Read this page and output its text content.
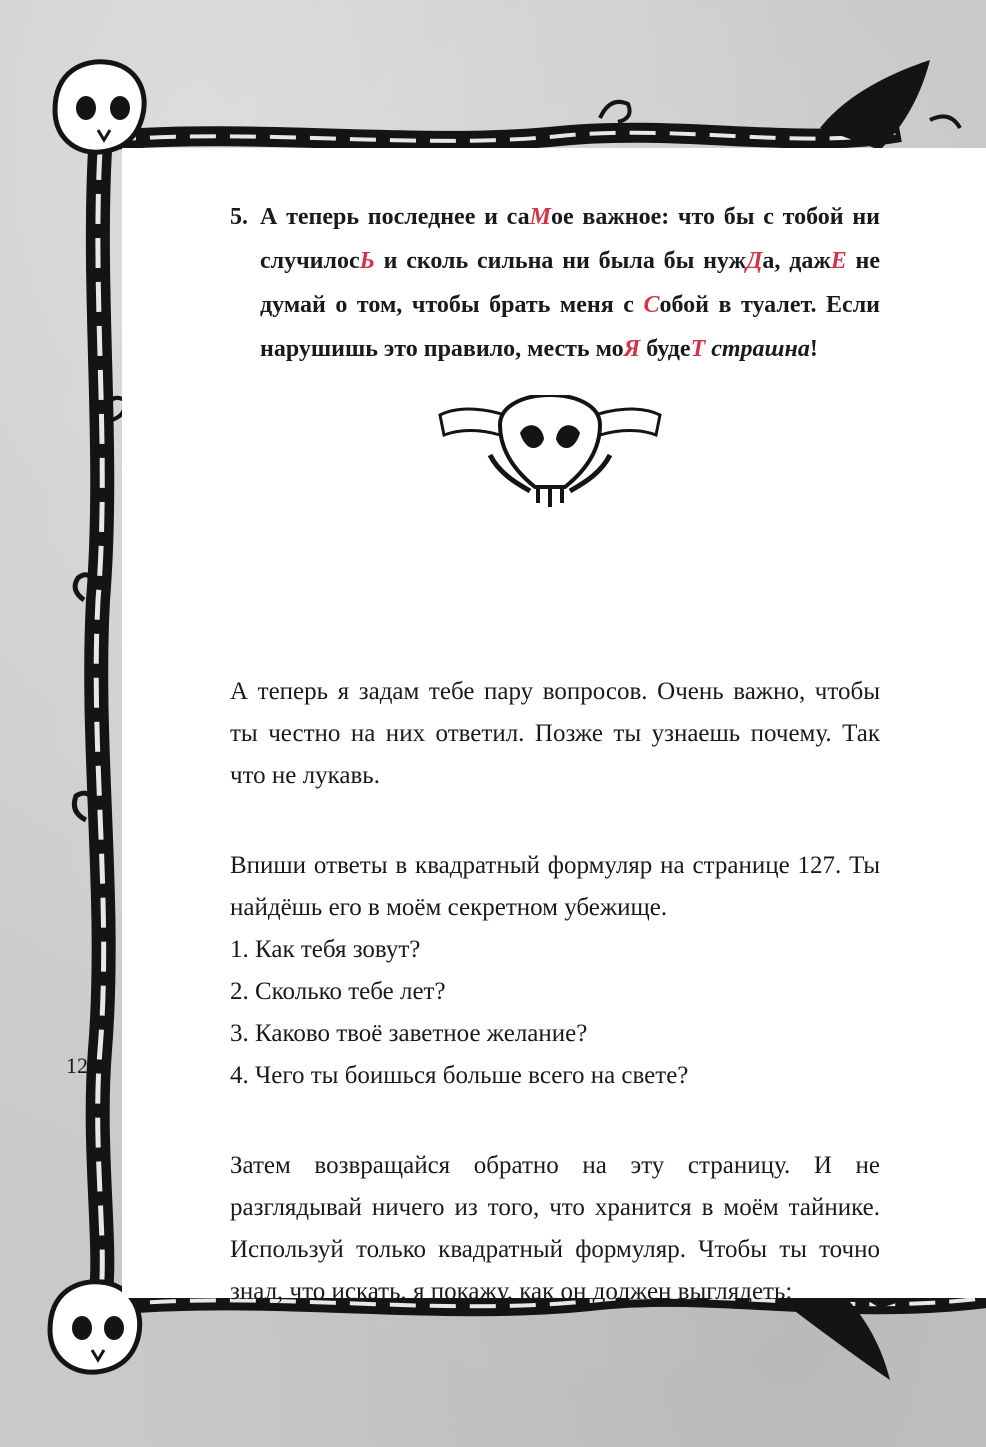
5. А теперь последнее и саМое важное: что бы с тобой ни случилосЬ и сколь сильна ни была бы нужДа, дажЕ не думай о том, чтобы брать меня с Собой в туалет. Если нарушишь это правило, месть моЯ будеТ страшна!

А теперь я задам тебе пару вопросов. Очень важно, чтобы ты честно на них ответил. Позже ты узнаешь почему. Так что не лукавь.

Впиши ответы в квадратный формуляр на странице 127. Ты найдёшь его в моём секретном убежище.

1. Как тебя зовут?
2. Сколько тебе лет?
3. Каково твоё заветное желание?
4. Чего ты боишься больше всего на свете?

Затем возвращайся обратно на эту страницу. И не разглядывай ничего из того, что хранится в моём тайнике. Используй только квадратный формуляр. Чтобы ты точно знал, что искать, я покажу, как он должен выглядеть:

12
